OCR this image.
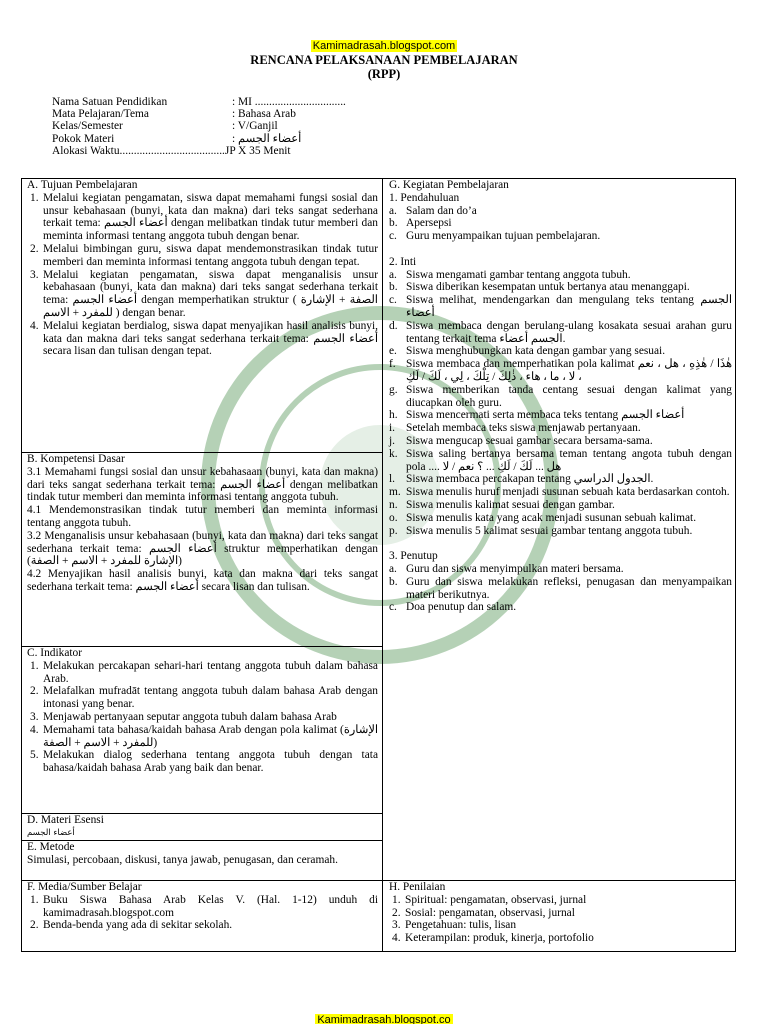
Kamimadrasah.blogspot.com
RENCANA PELAKSANAAN PEMBELAJARAN
(RPP)
Nama Satuan Pendidikan	: MI ................................
Mata Pelajaran/Tema	: Bahasa Arab
Kelas/Semester	: V/Ganjil
Pokok Materi	: أعضاء الجسم
Alokasi Waktu.....................................JP X 35 Menit
A. Tujuan Pembelajaran
1. Melalui kegiatan pengamatan, siswa dapat memahami fungsi sosial dan unsur kebahasaan (bunyi, kata dan makna) dari teks sangat sederhana terkait tema: أعضاء الجسم dengan melibatkan tindak tutur memberi dan meminta informasi tentang anggota tubuh dengan benar.
2. Melalui bimbingan guru, siswa dapat mendemonstrasikan tindak tutur memberi dan meminta informasi tentang anggota tubuh dengan tepat.
3. Melalui kegiatan pengamatan, siswa dapat menganalisis unsur kebahasaan (bunyi, kata dan makna) dari teks sangat sederhana terkait tema: أعضاء الجسم dengan memperhatikan struktur ( الصفة + الإشارة للمفرد + الاسم ) dengan benar.
4. Melalui kegiatan berdialog, siswa dapat menyajikan hasil analisis bunyi, kata dan makna dari teks sangat sederhana terkait tema: أعضاء الجسم secara lisan dan tulisan dengan tepat.
B. Kompetensi Dasar
3.1 Memahami fungsi sosial dan unsur kebahasaan (bunyi, kata dan makna) dari teks sangat sederhana terkait tema: أعضاء الجسم dengan melibatkan tindak tutur memberi dan meminta informasi tentang anggota tubuh.
4.1 Mendemonstrasikan tindak tutur memberi dan meminta informasi tentang anggota tubuh.
3.2 Menganalisis unsur kebahasaan (bunyi, kata dan makna) dari teks sangat sederhana terkait tema: أعضاء الجسم struktur memperhatikan dengan (الإشارة للمفرد + الاسم + الصفة)
4.2 Menyajikan hasil analisis bunyi, kata dan makna dari teks sangat sederhana terkait tema: أعضاء الجسم secara lisan dan tulisan.
C. Indikator
1. Melakukan percakapan sehari-hari tentang anggota tubuh dalam bahasa Arab.
2. Melafalkan mufradāt tentang anggota tubuh dalam bahasa Arab dengan intonasi yang benar.
3. Menjawab pertanyaan seputar anggota tubuh dalam bahasa Arab
4. Memahami tata bahasa/kaidah bahasa Arab dengan pola kalimat (الإشارة للمفرد + الاسم + الصفة)
5. Melakukan dialog sederhana tentang anggota tubuh dengan tata bahasa/kaidah bahasa Arab yang baik dan benar.
D. Materi Esensi
أعضاء الجسم
E. Metode
Simulasi, percobaan, diskusi, tanya jawab, penugasan, dan ceramah.
G. Kegiatan Pembelajaran
1. Pendahuluan
a. Salam dan do’a
b. Apersepsi
c. Guru menyampaikan tujuan pembelajaran.
2. Inti
a. Siswa mengamati gambar tentang anggota tubuh.
b. Siswa diberikan kesempatan untuk bertanya atau menanggapi.
c. Siswa melihat, mendengarkan dan mengulang teks tentang الجسم أعضاء
d. Siswa membaca dengan berulang-ulang kosakata sesuai arahan guru tentang terkait tema الجسم أعضاء.
e. Siswa menghubungkan kata dengan gambar yang sesuai.
f. Siswa membaca dan memperhatikan pola kalimat هٰذَا / هٰذِهِ ، هل ، نعم ، لا ، ما ، هاء ، ذٰلِكَ / تِلْكَ ، لِي ، لَكَ / لَكِ
g. Siswa memberikan tanda centang sesuai dengan kalimat yang diucapkan oleh guru.
h. Siswa mencermati serta membaca teks tentang أعضاء الجسم
i. Setelah membaca teks siswa menjawab pertanyaan.
j. Siswa mengucap sesuai gambar secara bersama-sama.
k. Siswa saling bertanya bersama teman tentang angota tubuh dengan pola .... هل ... لَكَ / لَكِ ... ؟ نعم / لا
l. Siswa membaca percakapan tentang الجدول الدراسي.
m. Siswa menulis huruf menjadi susunan sebuah kata berdasarkan contoh.
n. Siswa menulis kalimat sesuai dengan gambar.
o. Siswa menulis kata yang acak menjadi susunan sebuah kalimat.
p. Siswa menulis 5 kalimat sesuai gambar tentang anggota tubuh.
3. Penutup
a. Guru dan siswa menyimpulkan materi bersama.
b. Guru dan siswa melakukan refleksi, penugasan dan menyampaikan materi berikutnya.
c. Doa penutup dan salam.
F. Media/Sumber Belajar
1. Buku Siswa Bahasa Arab Kelas V. (Hal. 1-12) unduh di kamimadrasah.blogspot.com
2. Benda-benda yang ada di sekitar sekolah.
H. Penilaian
1. Spiritual: pengamatan, observasi, jurnal
2. Sosial: pengamatan, observasi, jurnal
3. Pengetahuan: tulis, lisan
4. Keterampilan: produk, kinerja, portofolio
Kamimadrasah.blogspot.co
